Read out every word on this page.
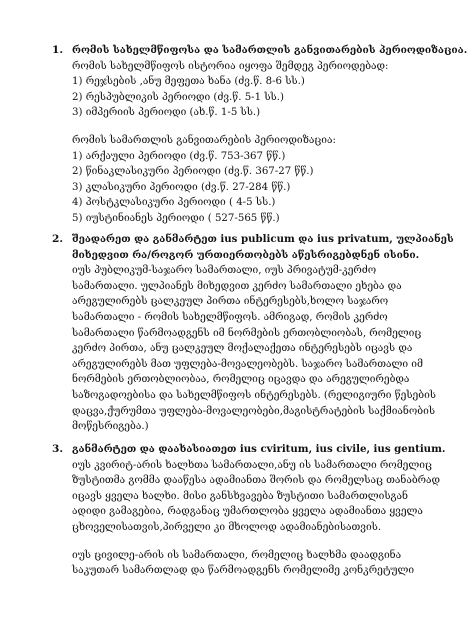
1. რომის სახელმწიფოსა და სამართლის განვითარების პერიოდიზაცია.
რომის სახელმწიფოს ისტორია იყოფა შემდეგ პერიოდებად:
1) რეჯსების ,ანუ მეფეთა ხანა (ძვ.წ. 8-6 სს.)
2) რესპუბლიკის პერიოდი (ძვ.წ. 5-1 სს.)
3) იმპერიის პერიოდი (ახ.წ. 1-5 სს.)
რომის სამართლის განვითარების პერიოდიზაცია:
1) არქაული პერიოდი (ძვ.წ. 753-367 წწ.)
2) წინაკლასიკური პერიოდი (ძვ.წ. 367-27 წწ.)
3) კლასიკური პერიოდი (ძვ.წ. 27-284 წწ.)
4) პოსტკლასიკური პერიოდი ( 4-5 სს.)
5) იუსტინიანეს პერიოდი ( 527-565 წწ.)
2. შეადარეთ და განმარტეთ ius publicum და ius privatum, ულპიანეს
მიხედვით რა/როგორ ურთიერთობებს აწესრიგებდნენ ისინი.
იუს პუბლიკუმ-საჯარო სამართალი, იუს პრივატუმ-კერძო
სამართალი. ულპიანეს მიხედვით კერძო სამართალი ეხება და
არეგულირებს ცალკეულ პირთა ინტერესებს,ხოლო საჯარო
სამართალი - რომის სახელმწიფოს. ამრიგად, რომის კერძო
სამართალი წარმოადგენს იმ ნორმების ერთობლიობას, რომელიც
კერძო პირთა, ანუ ცალკეულ მოქალაქეთა ინტერესებს იცავს და
არეგულირებს მათ უფლება-მოვალეობებს. საჯარო სამართალი იმ
ნორმების ერთობლიობაა, რომელიც იცავდა და არეგულირებდა
საზოგადოებისა და სახელმწიფოს ინტერესებს. (რელიგიური წესების
დაცვა,ქურუმთა უფლება-მოვალეობები,მაგისტრატების საქმიანობის
მოწესრიგება.)
3. განმარტეთ და დაახასიათეთ ius cviritum, ius civile, ius gentium.
იუს კვირიტ-არის ხალხთა სამართალი,ანუ ის სამართალი რომელიც
ზუსტითმა გომმა დააწესა ადამიანთა შორის და რომელსაც თანაბრად
იცავს ყველა ხალხი. მისი განსხვავება ზუსტითი სამართლისგან
ადიდი გამაგებია, რადგანაც უმართლობა ყველა ადამიანთა ყველა
ცხოველისათვის,პირველი კი მხოლოდ ადამიანებისათვის.
იუს ცივილე-არის ის სამართალი, რომელიც ხალხმა დაადგინა
საკუთარ სამართლად და წარმოადგენს რომელიმე კონკრეტული
